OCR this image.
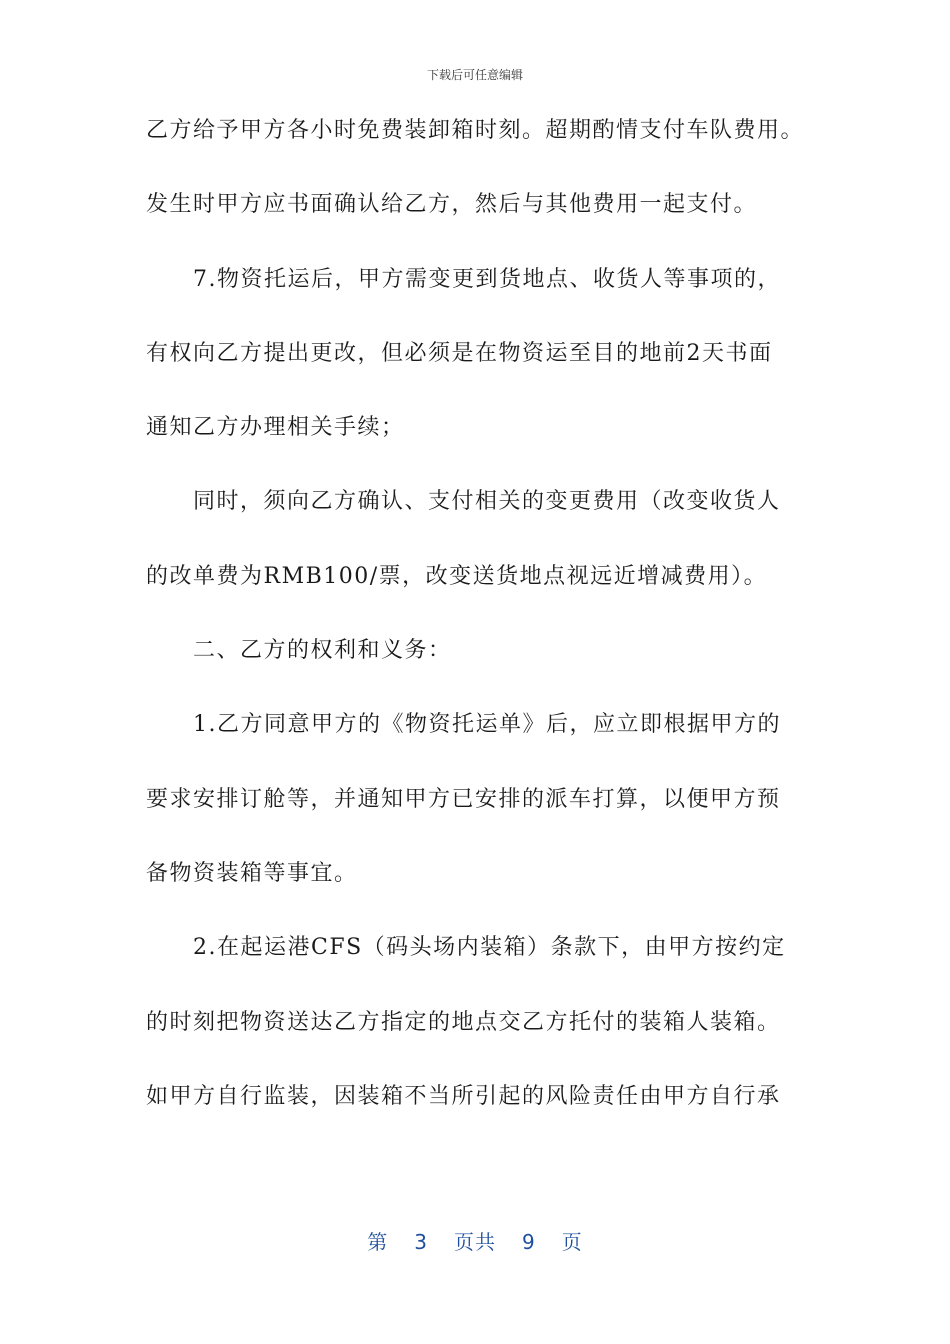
下载后可任意编辑
乙方给予甲方各小时免费装卸箱时刻。超期酌情支付车队费用。
发生时甲方应书面确认给乙方，然后与其他费用一起支付。
7.物资托运后，甲方需变更到货地点、收货人等事项的，
有权向乙方提出更改，但必须是在物资运至目的地前2天书面
通知乙方办理相关手续；
同时，须向乙方确认、支付相关的变更费用（改变收货人
的改单费为RMB100/票，改变送货地点视远近增减费用）。
二、乙方的权利和义务：
1.乙方同意甲方的《物资托运单》后，应立即根据甲方的
要求安排订舱等，并通知甲方已安排的派车打算，以便甲方预
备物资装箱等事宜。
2.在起运港CFS（码头场内装箱）条款下，由甲方按约定
的时刻把物资送达乙方指定的地点交乙方托付的装箱人装箱。
如甲方自行监装，因装箱不当所引起的风险责任由甲方自行承
第 3 页共 9 页
